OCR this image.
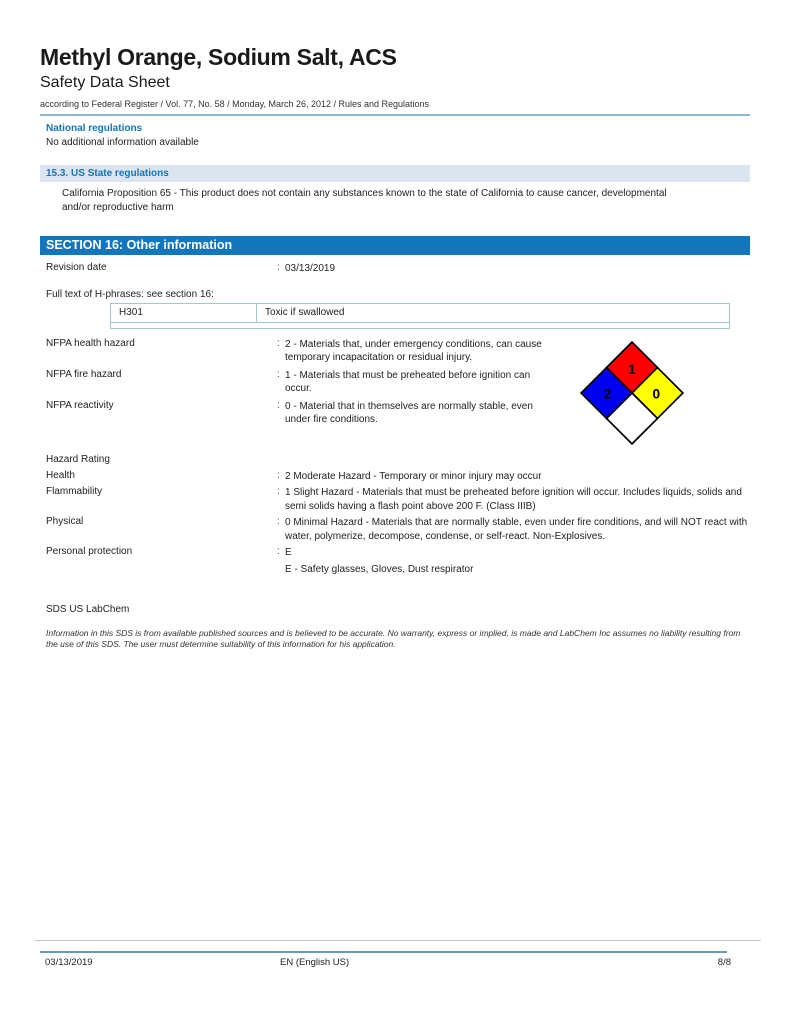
Methyl Orange, Sodium Salt, ACS
Safety Data Sheet
according to Federal Register / Vol. 77, No. 58 / Monday, March 26, 2012 / Rules and Regulations
National regulations
No additional information available
15.3. US State regulations
California Proposition 65 - This product does not contain any substances known to the state of California to cause cancer, developmental and/or reproductive harm
SECTION 16: Other information
Revision date	: 03/13/2019
Full text of H-phrases: see section 16:
H301	Toxic if swallowed
NFPA health hazard	: 2 - Materials that, under emergency conditions, can cause temporary incapacitation or residual injury.
NFPA fire hazard	: 1 - Materials that must be preheated before ignition can occur.
NFPA reactivity	: 0 - Material that in themselves are normally stable, even under fire conditions.
1
2	0
Hazard Rating
Health	: 2 Moderate Hazard - Temporary or minor injury may occur
Flammability	: 1 Slight Hazard - Materials that must be preheated before ignition will occur. Includes liquids, solids and semi solids having a flash point above 200 F. (Class IIIB)
Physical	: 0 Minimal Hazard - Materials that are normally stable, even under fire conditions, and will NOT react with water, polymerize, decompose, condense, or self-react. Non-Explosives.
Personal protection	: E
E - Safety glasses, Gloves, Dust respirator
SDS US LabChem
Information in this SDS is from available published sources and is believed to be accurate. No warranty, express or implied, is made and LabChem Inc assumes no liability resulting from the use of this SDS. The user must determine suitability of this information for his application.
03/13/2019	EN (English US)	8/8
